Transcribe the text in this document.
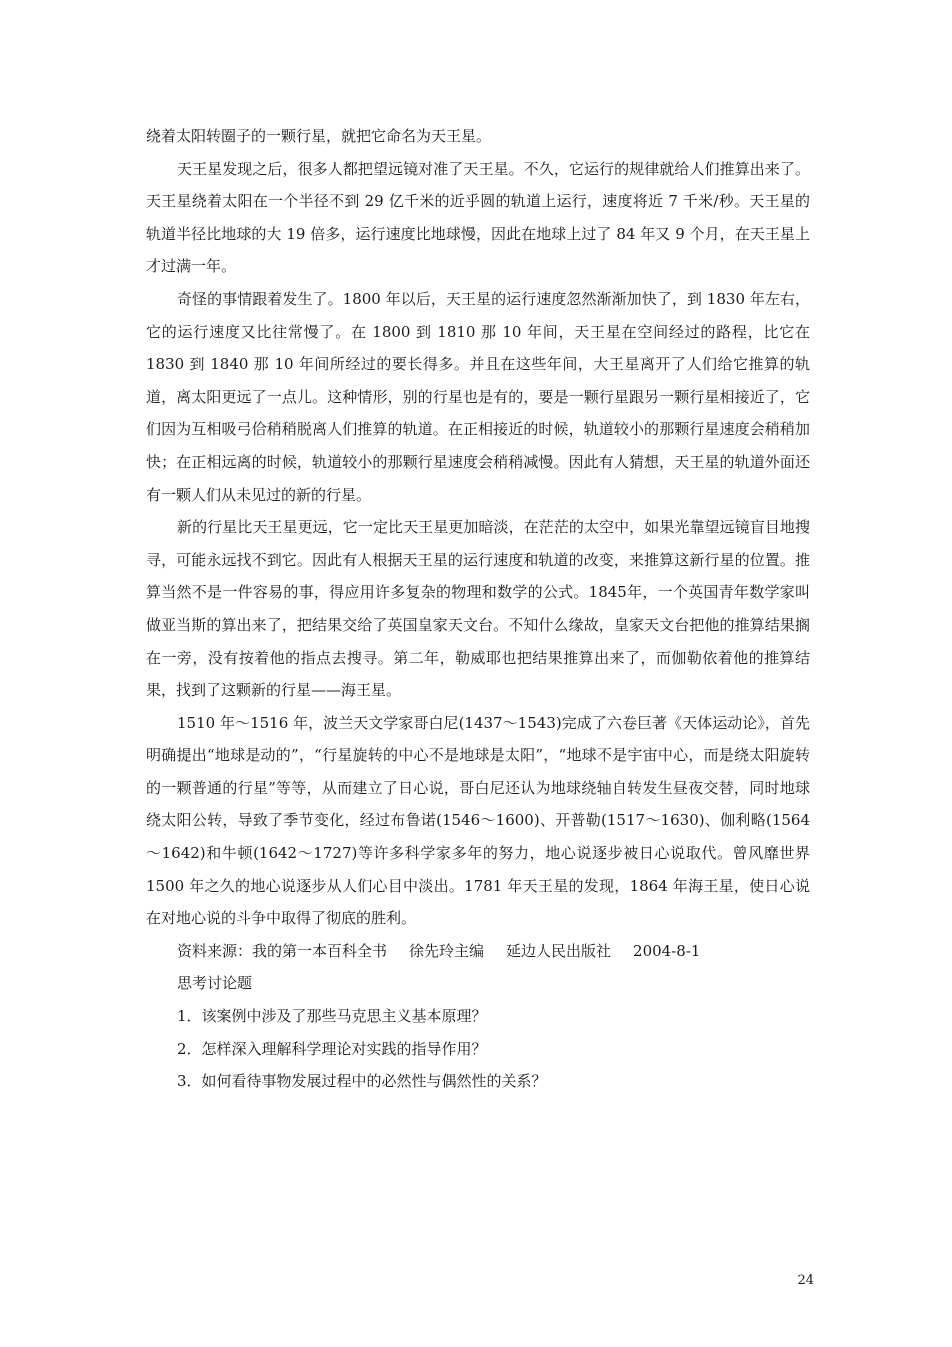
绕着太阳转圈子的一颗行星，就把它命名为天王星。

天王星发现之后，很多人都把望远镜对准了天王星。不久，它运行的规律就给人们推算出来了。天王星绕着太阳在一个半径不到 29 亿千米的近乎圆的轨道上运行，速度将近 7 千米/秒。天王星的轨道半径比地球的大 19 倍多，运行速度比地球慢，因此在地球上过了 84 年又 9 个月，在天王星上才过满一年。

奇怪的事情跟着发生了。1800 年以后，天王星的运行速度忽然渐渐加快了，到 1830 年左右，它的运行速度又比往常慢了。在 1800 到 1810 那 10 年间，天王星在空间经过的路程，比它在 1830 到 1840 那 10 年间所经过的要长得多。并且在这些年间，大王星离开了人们给它推算的轨道，离太阳更远了一点儿。这种情形，别的行星也是有的，要是一颗行星跟另一颗行星相接近了，它们因为互相吸弓佮稍稍脱离人们推算的轨道。在正相接近的时候，轨道较小的那颗行星速度会稍稍加快；在正相远离的时候，轨道较小的那颗行星速度会稍稍减慢。因此有人猜想，天王星的轨道外面还有一颗人们从未见过的新的行星。

新的行星比天王星更远，它一定比天王星更加暗淡，在茫茫的太空中，如果光靠望远镜盲目地搜寻，可能永远找不到它。因此有人根据天王星的运行速度和轨道的改变，来推算这新行星的位置。推算当然不是一件容易的事，得应用许多复杂的物理和数学的公式。1845年，一个英国青年数学家叫做亚当斯的算出来了，把结果交给了英国皇家天文台。不知什么缘故，皇家天文台把他的推算结果搁在一旁，没有按着他的指点去搜寻。第二年，勒威耶也把结果推算出来了，而伽勒依着他的推算结果，找到了这颗新的行星——海王星。

1510 年～1516 年，波兰天文学家哥白尼(1437～1543)完成了六卷巨著《天体运动论》，首先明确提出“地球是动的”，“行星旋转的中心不是地球是太阳”，“地球不是宇宙中心，而是绕太阳旋转的一颗普通的行星”等等，从而建立了日心说，哥白尼还认为地球绕轴自转发生昼夜交替，同时地球绕太阳公转，导致了季节变化，经过布鲁诺(1546～1600)、开普勒(1517～1630)、伽利略(1564～1642)和牛顿(1642～1727)等许多科学家多年的努力，地心说逐步被日心说取代。曾风靡世界 1500 年之久的地心说逐步从人们心目中淡出。1781 年天王星的发现，1864 年海王星，使日心说在对地心说的斗争中取得了彻底的胜利。

资料来源：我的第一本百科全书 徐先玲主编 延边人民出版社 2004-8-1

思考讨论题

1．该案例中涉及了那些马克思主义基本原理？

2．怎样深入理解科学理论对实践的指导作用？

3．如何看待事物发展过程中的必然性与偶然性的关系？

24
